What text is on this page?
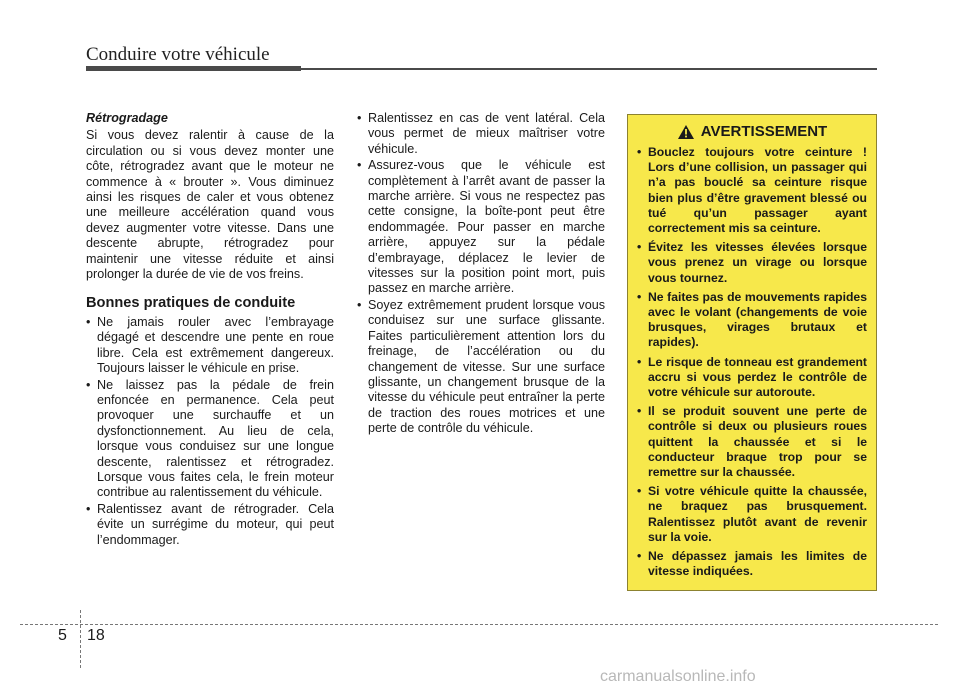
Conduire votre véhicule

Rétrogradage

Si vous devez ralentir à cause de la circulation ou si vous devez monter une côte, rétrogradez avant que le moteur ne commence à « brouter ». Vous diminuez ainsi les risques de caler et vous obtenez une meilleure accélération quand vous devez augmenter votre vitesse. Dans une descente abrupte, rétrogradez pour maintenir une vitesse réduite et ainsi prolonger la durée de vie de vos freins.

Bonnes pratiques de conduite

• Ne jamais rouler avec l’embrayage dégagé et descendre une pente en roue libre. Cela est extrêmement dangereux. Toujours laisser le véhicule en prise.
• Ne laissez pas la pédale de frein enfoncée en permanence. Cela peut provoquer une surchauffe et un dysfonctionnement. Au lieu de cela, lorsque vous conduisez sur une longue descente, ralentissez et rétrogradez. Lorsque vous faites cela, le frein moteur contribue au ralentissement du véhicule.
• Ralentissez avant de rétrograder. Cela évite un surrégime du moteur, qui peut l’endommager.
• Ralentissez en cas de vent latéral. Cela vous permet de mieux maîtriser votre véhicule.
• Assurez-vous que le véhicule est complètement à l’arrêt avant de passer la marche arrière. Si vous ne respectez pas cette consigne, la boîte-pont peut être endommagée. Pour passer en marche arrière, appuyez sur la pédale d’embrayage, déplacez le levier de vitesses sur la position point mort, puis passez en marche arrière.
• Soyez extrêmement prudent lorsque vous conduisez sur une surface glissante. Faites particulièrement attention lors du freinage, de l’accélération ou du changement de vitesse. Sur une surface glissante, un changement brusque de la vitesse du véhicule peut entraîner la perte de traction des roues motrices et une perte de contrôle du véhicule.
AVERTISSEMENT
• Bouclez toujours votre ceinture ! Lors d’une collision, un passager qui n’a pas bouclé sa ceinture risque bien plus d’être gravement blessé ou tué qu’un passager ayant correctement mis sa ceinture.
• Évitez les vitesses élevées lorsque vous prenez un virage ou lorsque vous tournez.
• Ne faites pas de mouvements rapides avec le volant (changements de voie brusques, virages brutaux et rapides).
• Le risque de tonneau est grandement accru si vous perdez le contrôle de votre véhicule sur autoroute.
• Il se produit souvent une perte de contrôle si deux ou plusieurs roues quittent la chaussée et si le conducteur braque trop pour se remettre sur la chaussée.
• Si votre véhicule quitte la chaussée, ne braquez pas brusquement. Ralentissez plutôt avant de revenir sur la voie.
• Ne dépassez jamais les limites de vitesse indiquées.
5 18
carmanualsonline.info
